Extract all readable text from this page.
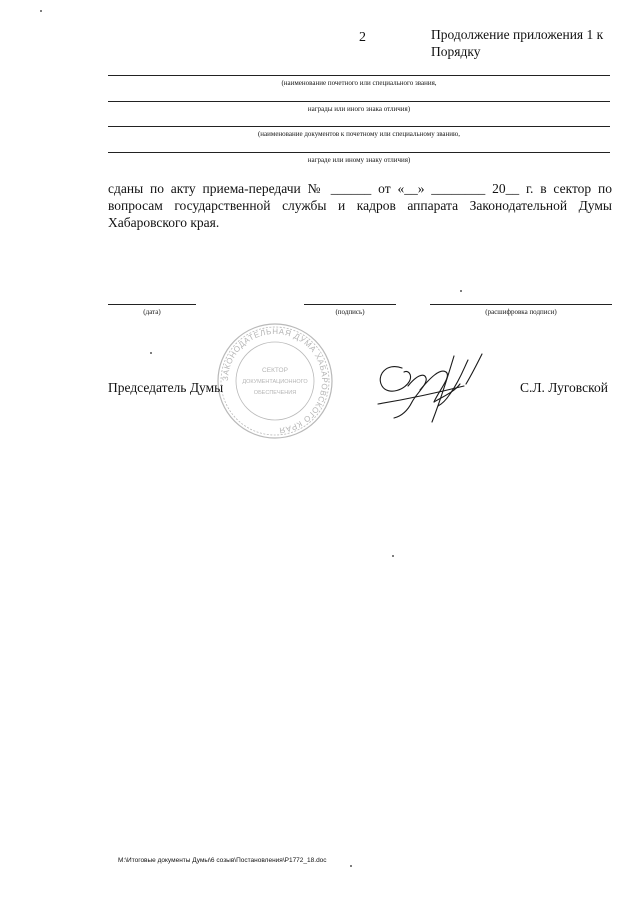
2	Продолжение приложения 1 к Порядку
(наименование почетного или специального звания,
награды или иного знака отличия)
(наименование документов к почетному или специальному званию,
награде или иному знаку отличия)
сданы по акту приема-передачи № ______ от «__» ________ 20__ г. в сектор по вопросам государственной службы и кадров аппарата Законодательной Думы Хабаровского края.
(дата)	(подпись)	(расшифровка подписи)
ЗАКОНОДАТЕЛЬНАЯ ДУМА ХАБАРОВСКОГО КРАЯ
СЕКТОР
ДОКУМЕНТАЦИОННОГО
ОБЕСПЕЧЕНИЯ
Председатель Думы	С.Л. Луговской
M:\Итоговые документы Думы\6 созыв\Постановления\Р1772_18.doc
